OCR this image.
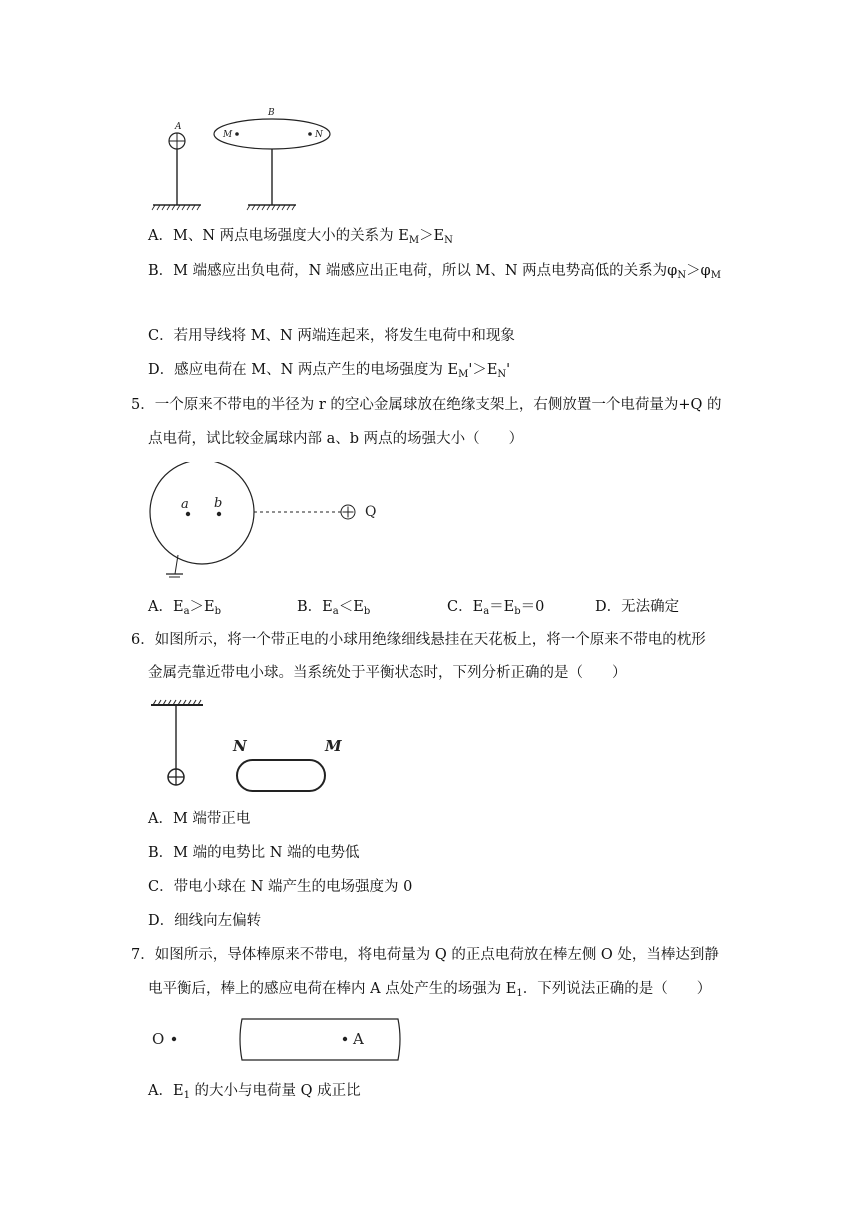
A
B
M	N
A．M、N 两点电场强度大小的关系为 $E_M>E_N$
B．M 端感应出负电荷，N 端感应出正电荷，所以 M、N 两点电势高低的关系为$\varphi_N>\varphi_M$
C．若用导线将 M、N 两端连起来，将发生电荷中和现象
D．感应电荷在 M、N 两点产生的电场强度为 $E_M'>E_N'$
5．一个原来不带电的半径为 r 的空心金属球放在绝缘支架上，右侧放置一个电荷量为+Q 的
点电荷，试比较金属球内部 a、b 两点的场强大小（　　）
a b
Q
A．$E_a>E_b$	B．$E_a<E_b$	C．$E_a=E_b=0$	D．无法确定
6．如图所示，将一个带正电的小球用绝缘细线悬挂在天花板上，将一个原来不带电的枕形
金属壳靠近带电小球。当系统处于平衡状态时，下列分析正确的是（　　）
N	M
A．M 端带正电
B．M 端的电势比 N 端的电势低
C．带电小球在 N 端产生的电场强度为 0
D．细线向左偏转
7．如图所示，导体棒原来不带电，将电荷量为 Q 的正点电荷放在棒左侧 O 处，当棒达到静
电平衡后，棒上的感应电荷在棒内 A 点处产生的场强为 $E_1$．下列说法正确的是（　　）
O	A
A．$E_1$ 的大小与电荷量 Q 成正比
